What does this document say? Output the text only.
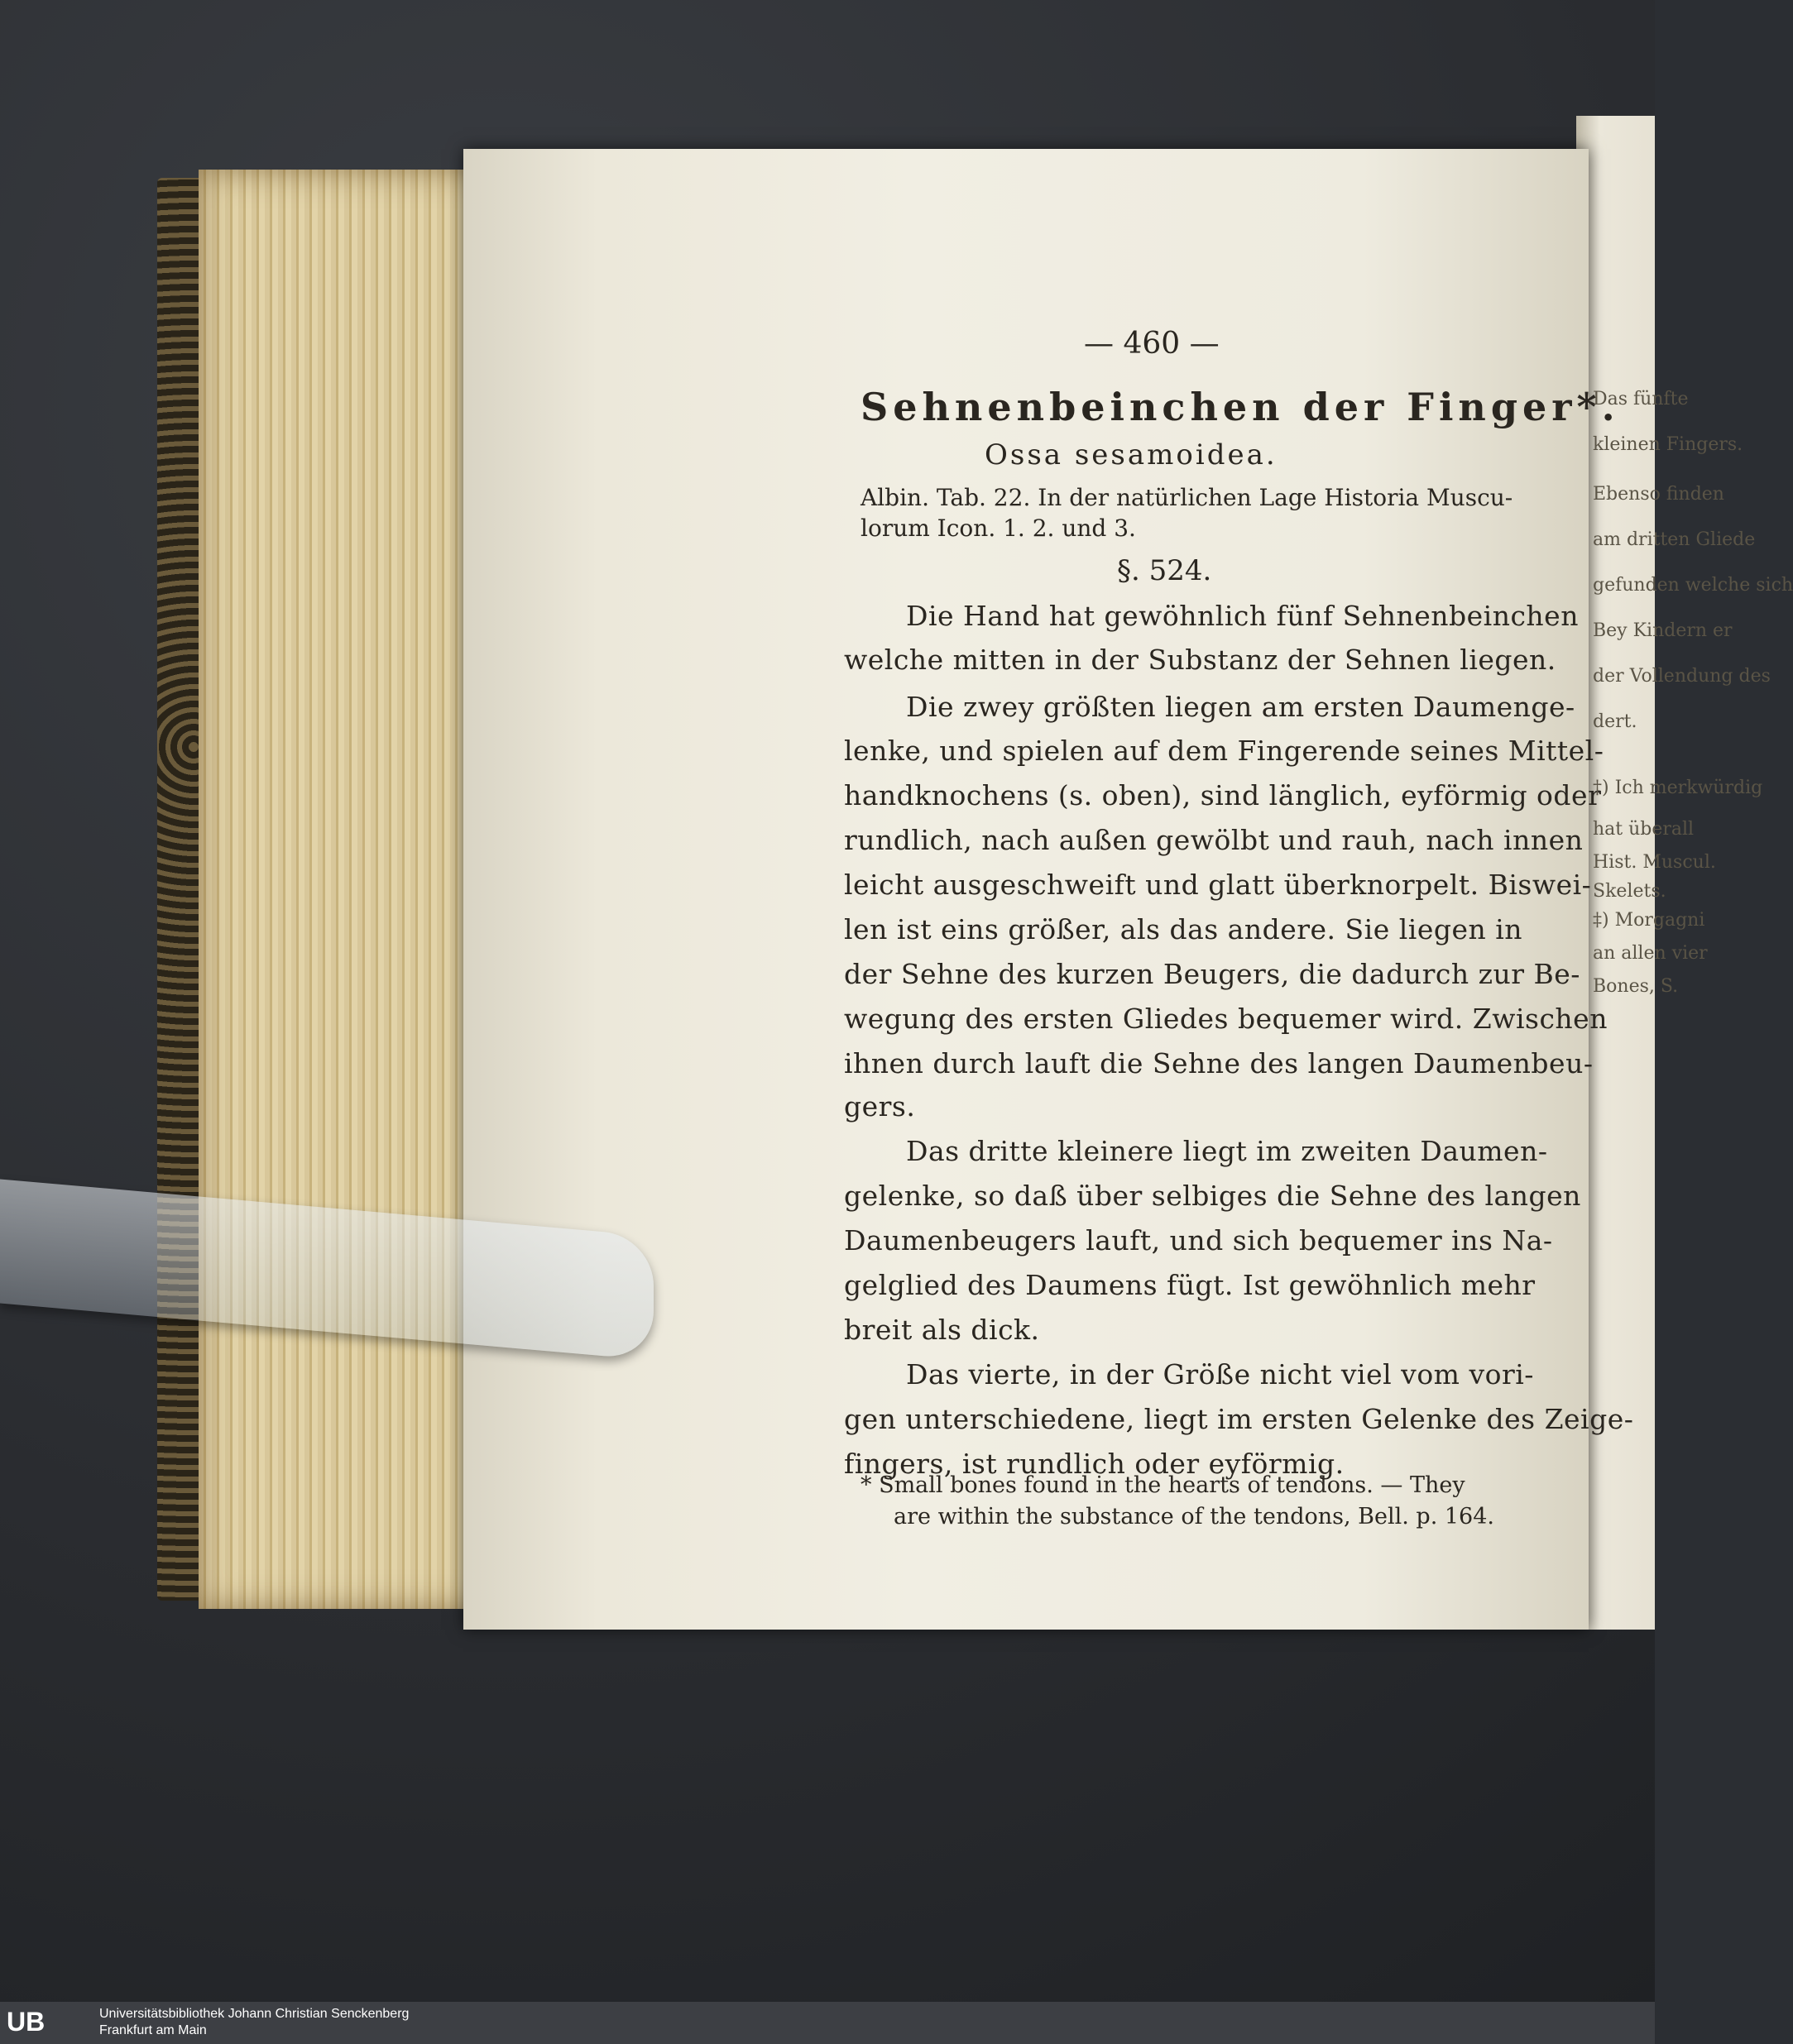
— 460 —
Sehnenbeinchen der Finger*.
Ossa sesamoidea.
Albin. Tab. 22. In der natürlichen Lage Historia Muscu-
lorum Icon. 1. 2. und 3.
§. 524.
Die Hand hat gewöhnlich fünf Sehnenbeinchen
welche mitten in der Substanz der Sehnen liegen.
Die zwey größten liegen am ersten Daumenge-
lenke, und spielen auf dem Fingerende seines Mittel-
handknochens (s. oben), sind länglich, eyförmig oder
rundlich, nach außen gewölbt und rauh, nach innen
leicht ausgeschweift und glatt überknorpelt. Biswei-
len ist eins größer, als das andere. Sie liegen in
der Sehne des kurzen Beugers, die dadurch zur Be-
wegung des ersten Gliedes bequemer wird. Zwischen
ihnen durch lauft die Sehne des langen Daumenbeu-
gers.
Das dritte kleinere liegt im zweiten Daumen-
gelenke, so daß über selbiges die Sehne des langen
Daumenbeugers lauft, und sich bequemer ins Na-
gelglied des Daumens fügt. Ist gewöhnlich mehr
breit als dick.
Das vierte, in der Größe nicht viel vom vori-
gen unterschiedene, liegt im ersten Gelenke des Zeige-
fingers, ist rundlich oder eyförmig.
* Small bones found in the hearts of tendons. — They
are within the substance of the tendons, Bell. p. 164.
Das fünfte
kleinen Fingers.
Ebenso finden
am dritten Gliede
gefunden welche sich
Bey Kindern er
der Vollendung des
dert.
†) Ich merkwürdig
hat überall
Hist. Muscul.
Skelets.
‡) Morgagni
an allen vier
Bones, S.
UB	Universitätsbibliothek Johann Christian Senckenberg
Frankfurt am Main
